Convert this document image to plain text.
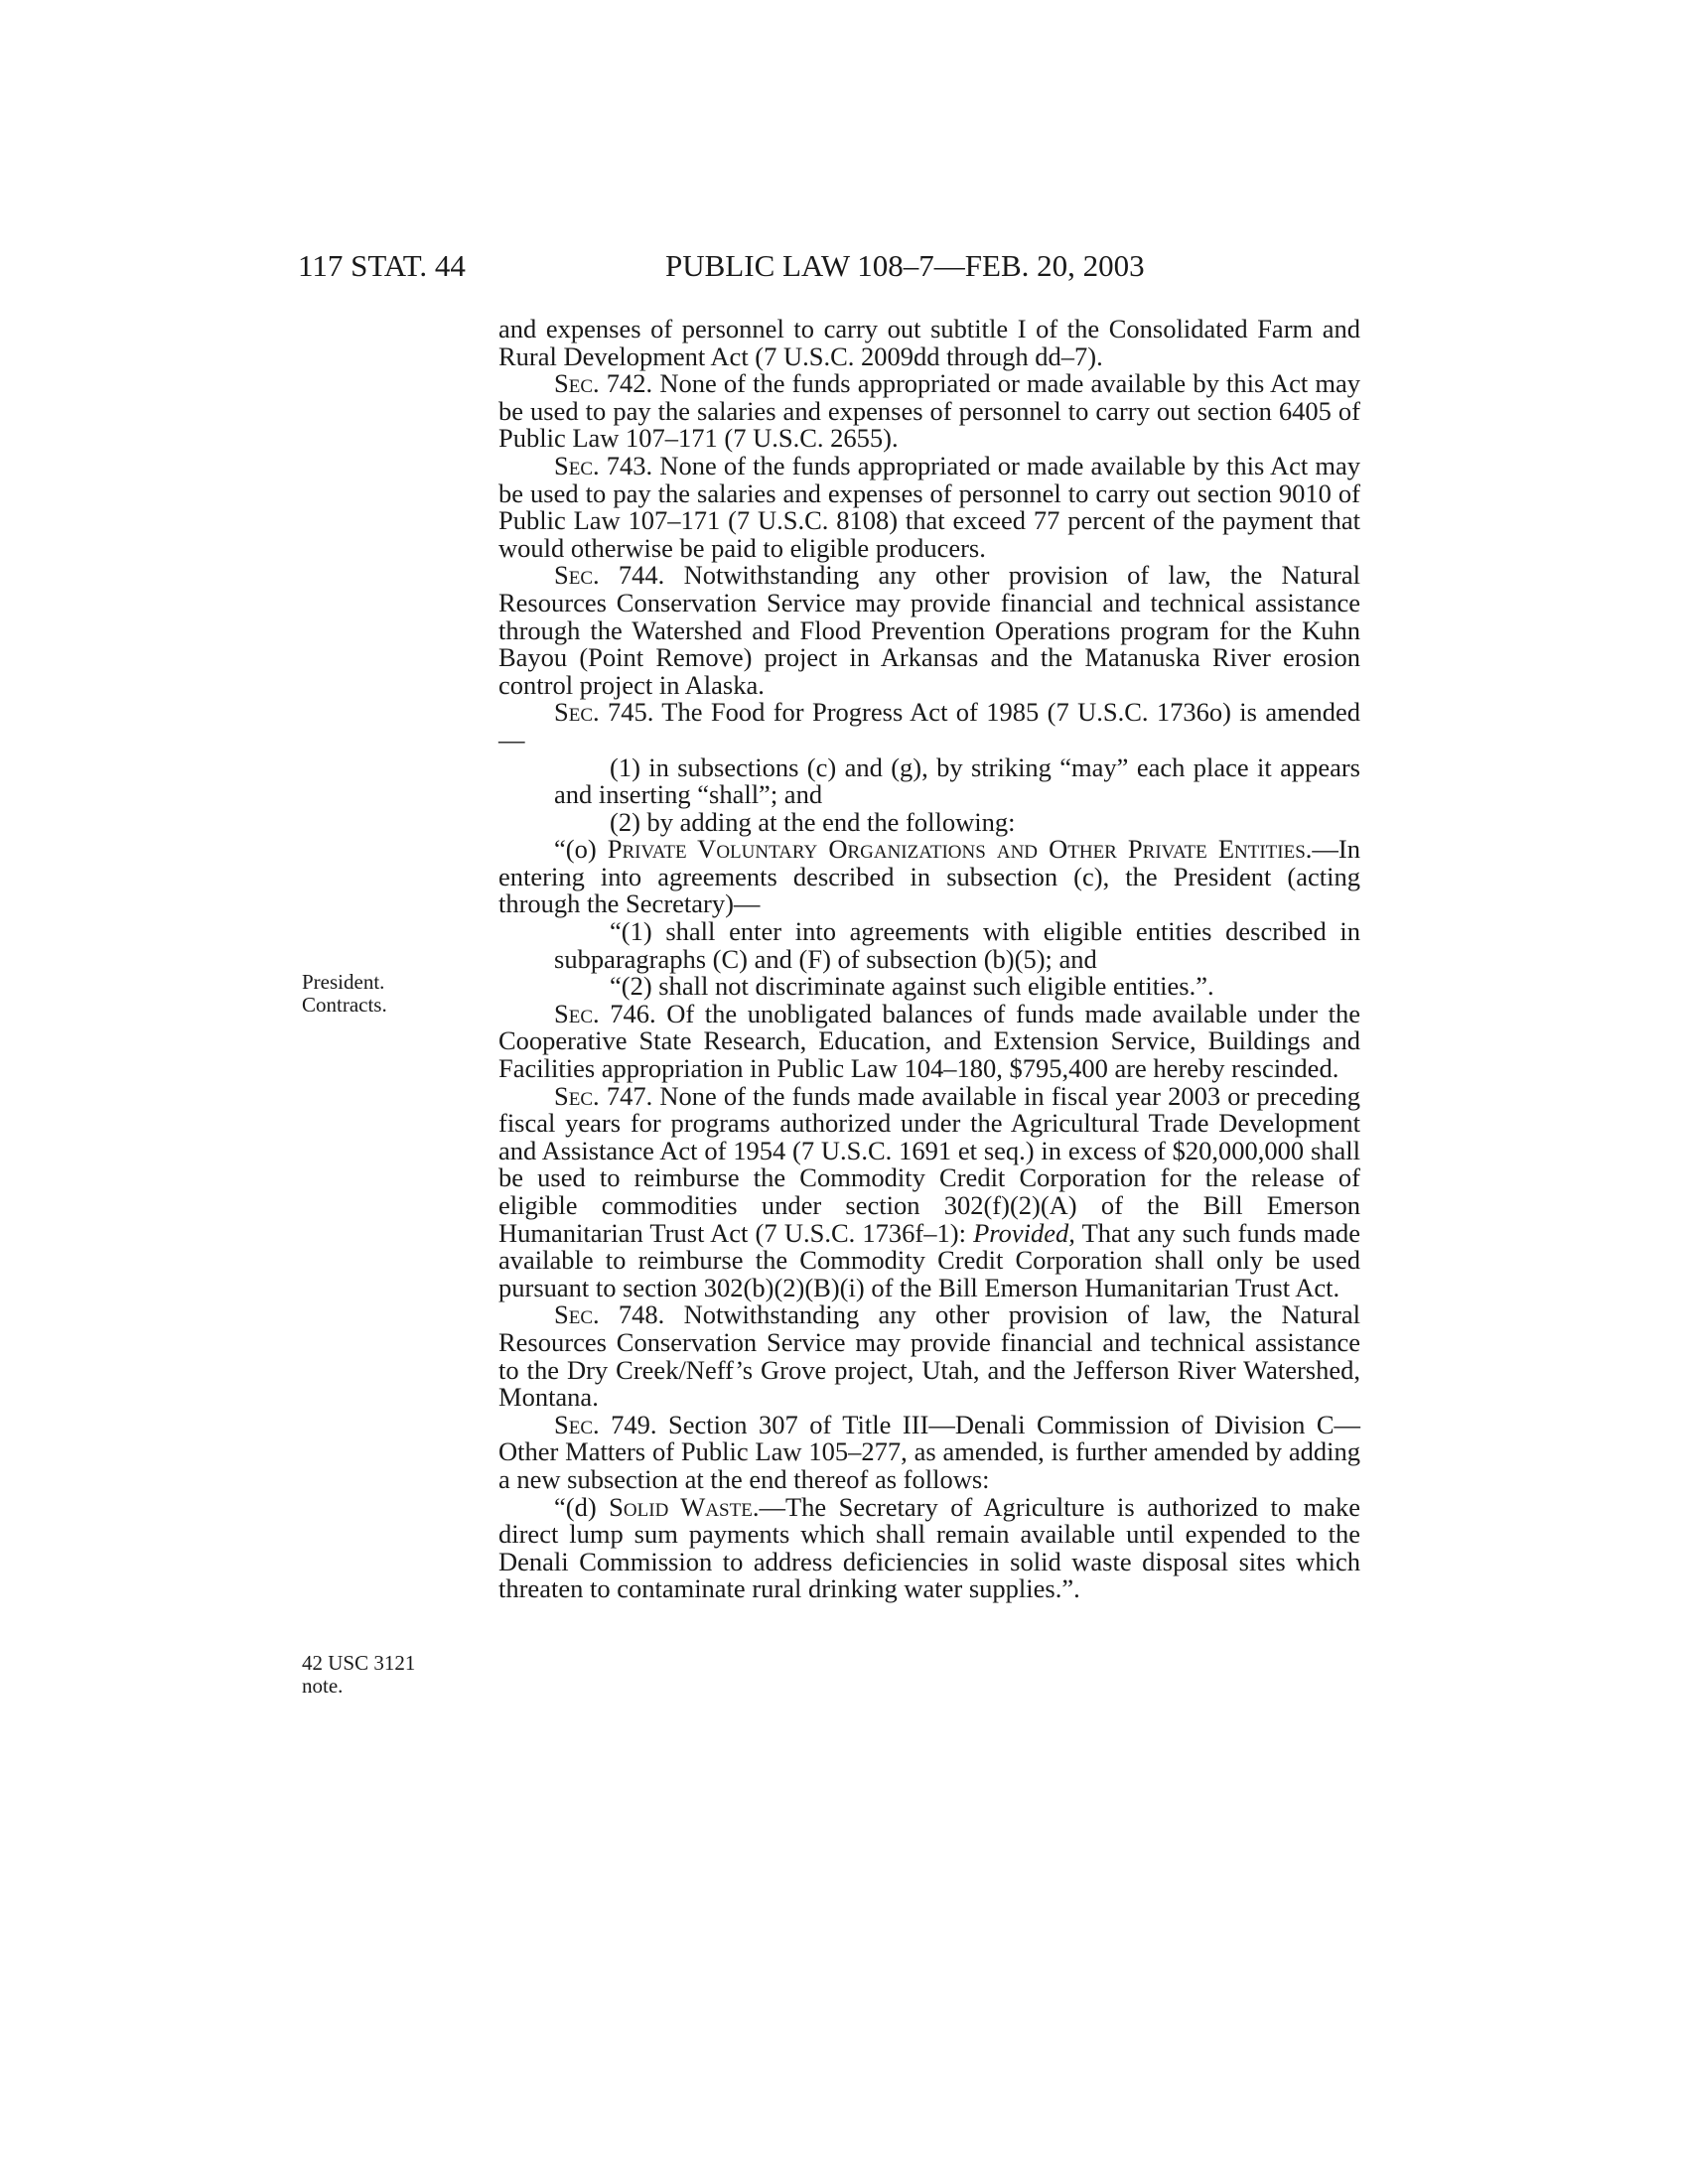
117 STAT. 44	PUBLIC LAW 108–7—FEB. 20, 2003
President.
Contracts.
42 USC 3121
note.

and expenses of personnel to carry out subtitle I of the Consolidated Farm and Rural Development Act (7 U.S.C. 2009dd through dd–7).

Sec. 742. None of the funds appropriated or made available by this Act may be used to pay the salaries and expenses of personnel to carry out section 6405 of Public Law 107–171 (7 U.S.C. 2655).

Sec. 743. None of the funds appropriated or made available by this Act may be used to pay the salaries and expenses of personnel to carry out section 9010 of Public Law 107–171 (7 U.S.C. 8108) that exceed 77 percent of the payment that would otherwise be paid to eligible producers.

Sec. 744. Notwithstanding any other provision of law, the Natural Resources Conservation Service may provide financial and technical assistance through the Watershed and Flood Prevention Operations program for the Kuhn Bayou (Point Remove) project in Arkansas and the Matanuska River erosion control project in Alaska.

Sec. 745. The Food for Progress Act of 1985 (7 U.S.C. 1736o) is amended—

(1) in subsections (c) and (g), by striking “may” each place it appears and inserting “shall”; and

(2) by adding at the end the following:

“(o) Private Voluntary Organizations and Other Private Entities.—In entering into agreements described in subsection (c), the President (acting through the Secretary)—

“(1) shall enter into agreements with eligible entities described in subparagraphs (C) and (F) of subsection (b)(5); and

“(2) shall not discriminate against such eligible entities.”.

Sec. 746. Of the unobligated balances of funds made available under the Cooperative State Research, Education, and Extension Service, Buildings and Facilities appropriation in Public Law 104–180, $795,400 are hereby rescinded.

Sec. 747. None of the funds made available in fiscal year 2003 or preceding fiscal years for programs authorized under the Agricultural Trade Development and Assistance Act of 1954 (7 U.S.C. 1691 et seq.) in excess of $20,000,000 shall be used to reimburse the Commodity Credit Corporation for the release of eligible commodities under section 302(f)(2)(A) of the Bill Emerson Humanitarian Trust Act (7 U.S.C. 1736f–1): Provided, That any such funds made available to reimburse the Commodity Credit Corporation shall only be used pursuant to section 302(b)(2)(B)(i) of the Bill Emerson Humanitarian Trust Act.

Sec. 748. Notwithstanding any other provision of law, the Natural Resources Conservation Service may provide financial and technical assistance to the Dry Creek/Neff’s Grove project, Utah, and the Jefferson River Watershed, Montana.

Sec. 749. Section 307 of Title III—Denali Commission of Division C—Other Matters of Public Law 105–277, as amended, is further amended by adding a new subsection at the end thereof as follows:

“(d) Solid Waste.—The Secretary of Agriculture is authorized to make direct lump sum payments which shall remain available until expended to the Denali Commission to address deficiencies in solid waste disposal sites which threaten to contaminate rural drinking water supplies.”.
